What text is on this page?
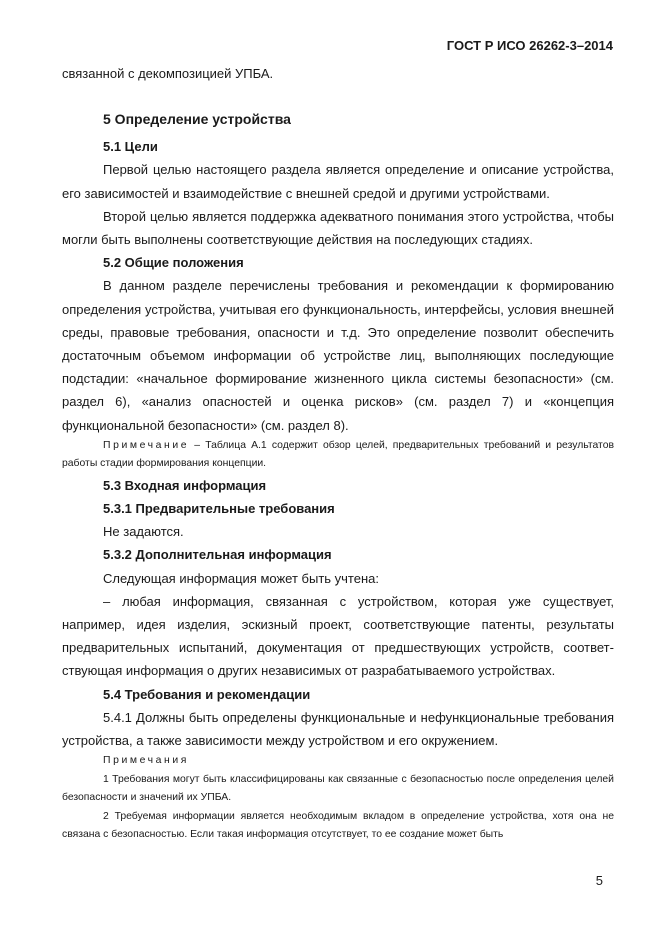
ГОСТ Р ИСО 26262-3–2014

связанной с декомпозицией УПБА.

5 Определение устройства
5.1 Цели

Первой целью настоящего раздела является определение и описание устройства, его зависимостей и взаимодействие с внешней средой и другими устройствами.

Второй целью является поддержка адекватного понимания этого устройства, чтобы могли быть выполнены соответствующие действия на последующих стадиях.

5.2 Общие положения

В данном разделе перечислены требования и рекомендации к формированию определения устройства, учитывая его функциональность, интерфейсы, условия внешней среды, правовые требования, опасности и т.д. Это определение позволит обеспечить достаточным объемом информации об устройстве лиц, выполняющих последующие подстадии: «начальное формирование жизненного цикла системы безопасности» (см. раздел 6), «анализ опасностей и оценка рисков» (см. раздел 7) и «концепция функциональной безопасности» (см. раздел 8).

Примечание – Таблица А.1 содержит обзор целей, предварительных требований и результатов работы стадии формирования концепции.

5.3 Входная информация
5.3.1 Предварительные требования

Не задаются.

5.3.2 Дополнительная информация

Следующая информация может быть учтена:

– любая информация, связанная с устройством, которая уже существует, например, идея изделия, эскизный проект, соответствующие патенты, результаты предварительных испытаний, документация от предшествующих устройств, соответствующая информация о других независимых от разрабатываемого устройствах.

5.4 Требования и рекомендации

5.4.1 Должны быть определены функциональные и нефункциональные требования устройства, а также зависимости между устройством и его окружением.

Примечания

1 Требования могут быть классифицированы как связанные с безопасностью после определения целей безопасности и значений их УПБА.

2 Требуемая информации является необходимым вкладом в определение устройства, хотя она не связана с безопасностью. Если такая информация отсутствует, то ее создание может быть

5
